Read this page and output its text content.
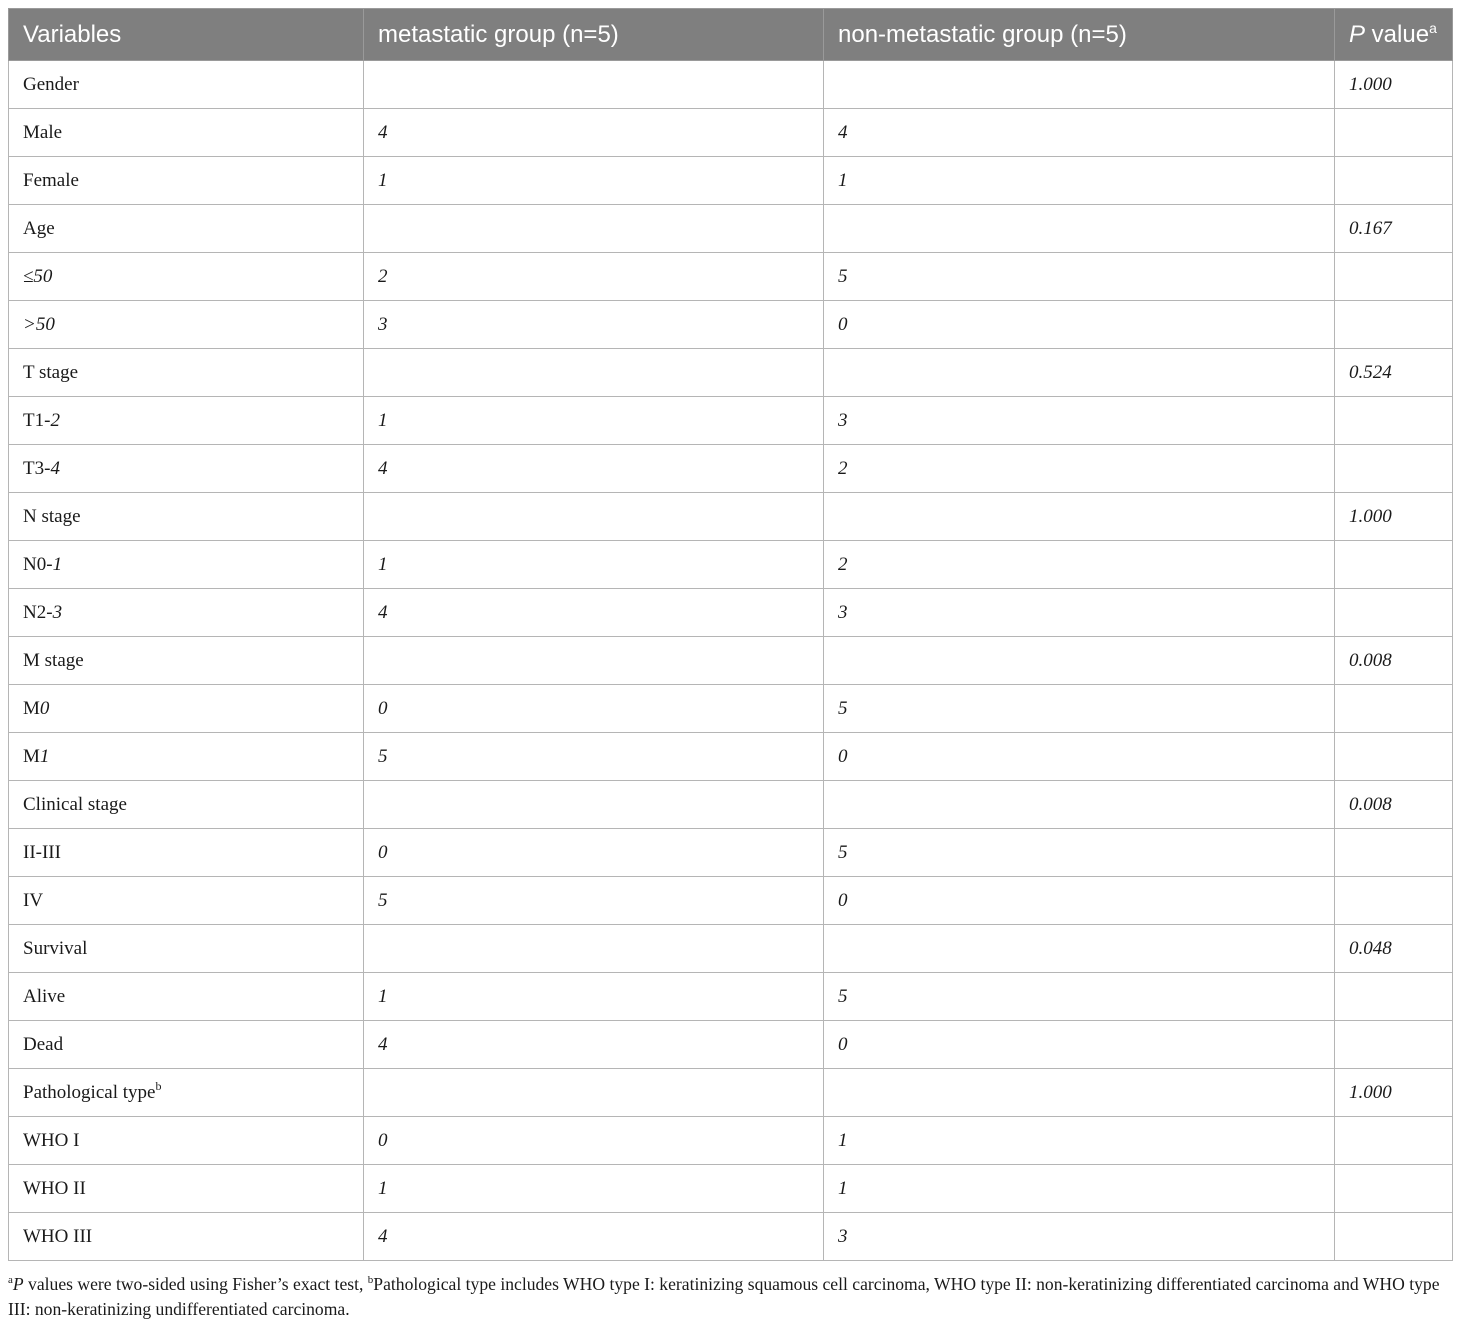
Variables	metastatic group (n=5)	non-metastatic group (n=5)	P value$^a$
Gender			1.000
Male	4	4	
Female	1	1	
Age			0.167
≤50	2	5	
>50	3	0	
T stage			0.524
T1-2	1	3	
T3-4	4	2	
N stage			1.000
N0-1	1	2	
N2-3	4	3	
M stage			0.008
M0	0	5	
M1	5	0	
Clinical stage			0.008
II-III	0	5	
IV	5	0	
Survival			0.048
Alive	1	5	
Dead	4	0	
Pathological type$^b$			1.000
WHO I	0	1	
WHO II	1	1	
WHO III	4	3	
$^a$P values were two-sided using Fisher’s exact test, $^b$Pathological type includes WHO type I: keratinizing squamous cell carcinoma, WHO type II: non-keratinizing differentiated carcinoma and WHO type III: non-keratinizing undifferentiated carcinoma.
